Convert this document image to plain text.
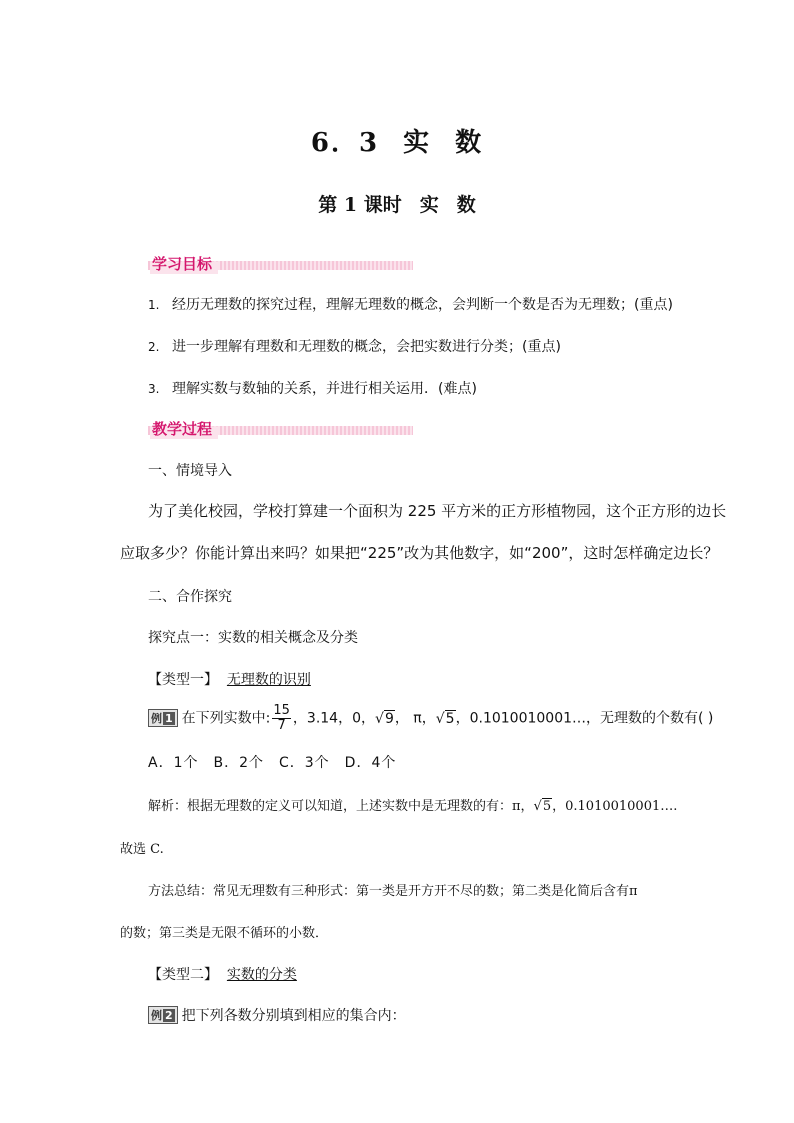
6．3 实 数
第 1 课时 实 数
学习目标
1. 经历无理数的探究过程，理解无理数的概念，会判断一个数是否为无理数；(重点)
2. 进一步理解有理数和无理数的概念，会把实数进行分类；(重点)
3. 理解实数与数轴的关系，并进行相关运用．(难点)
教学过程
一、情境导入
为了美化校园，学校打算建一个面积为 225 平方米的正方形植物园，这个正方形的边长
应取多少？你能计算出来吗？如果把“225”改为其他数字，如“200”，这时怎样确定边长？
二、合作探究
探究点一：实数的相关概念及分类
【类型一】 无理数的识别
例 1 在下列实数中: $\frac{15}{7}$ ，3.14，0，√9， π，√5，0.1010010001…，无理数的个数有( )
A．1个　B．2个　C．3个　D．4个
解析：根据无理数的定义可以知道，上述实数中是无理数的有：π，√5，0.1010010001….
故选 C.
方法总结：常见无理数有三种形式：第一类是开方开不尽的数；第二类是化简后含有π
的数；第三类是无限不循环的小数．
【类型二】 实数的分类
例 2 把下列各数分别填到相应的集合内：
